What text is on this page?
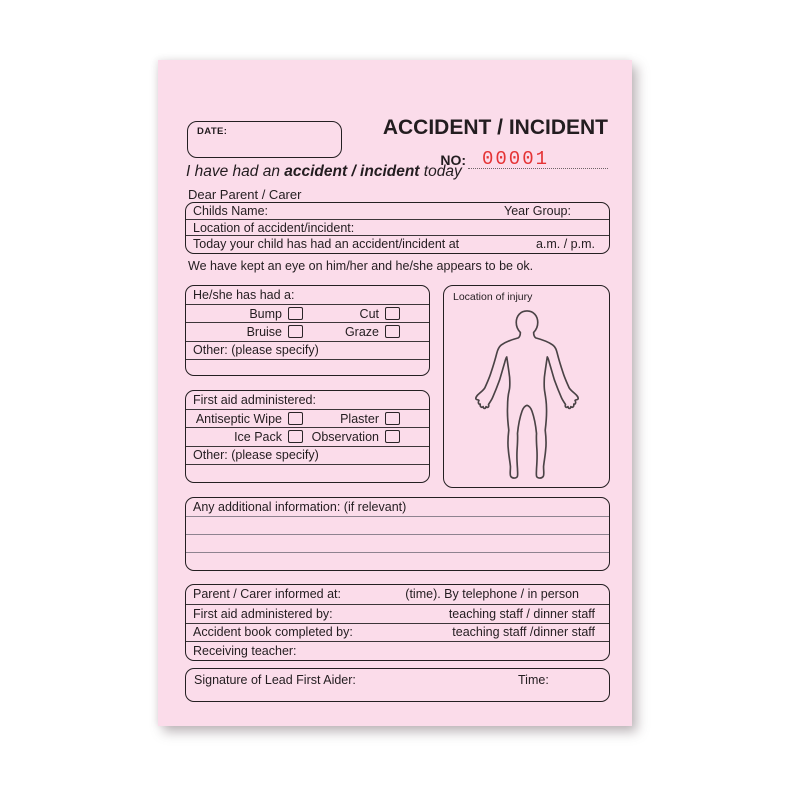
DATE:	ACCIDENT / INCIDENT
NO: 00001
I have had an accident / incident today
Dear Parent / Carer
Childs Name:	Year Group:
Location of accident/incident:
Today your child has had an accident/incident at	a.m. / p.m.
We have kept an eye on him/her and he/she appears to be ok.
He/she has had a:
Bump	Cut
Bruise	Graze
Other: (please specify)
Location of injury
First aid administered:
Antiseptic Wipe	Plaster
Ice Pack	Observation
Other: (please specify)
Any additional information: (if relevant)
Parent / Carer informed at:	(time). By telephone / in person
First aid administered by:	teaching staff / dinner staff
Accident book completed by:	teaching staff /dinner staff
Receiving teacher:
Signature of Lead First Aider:	Time:
